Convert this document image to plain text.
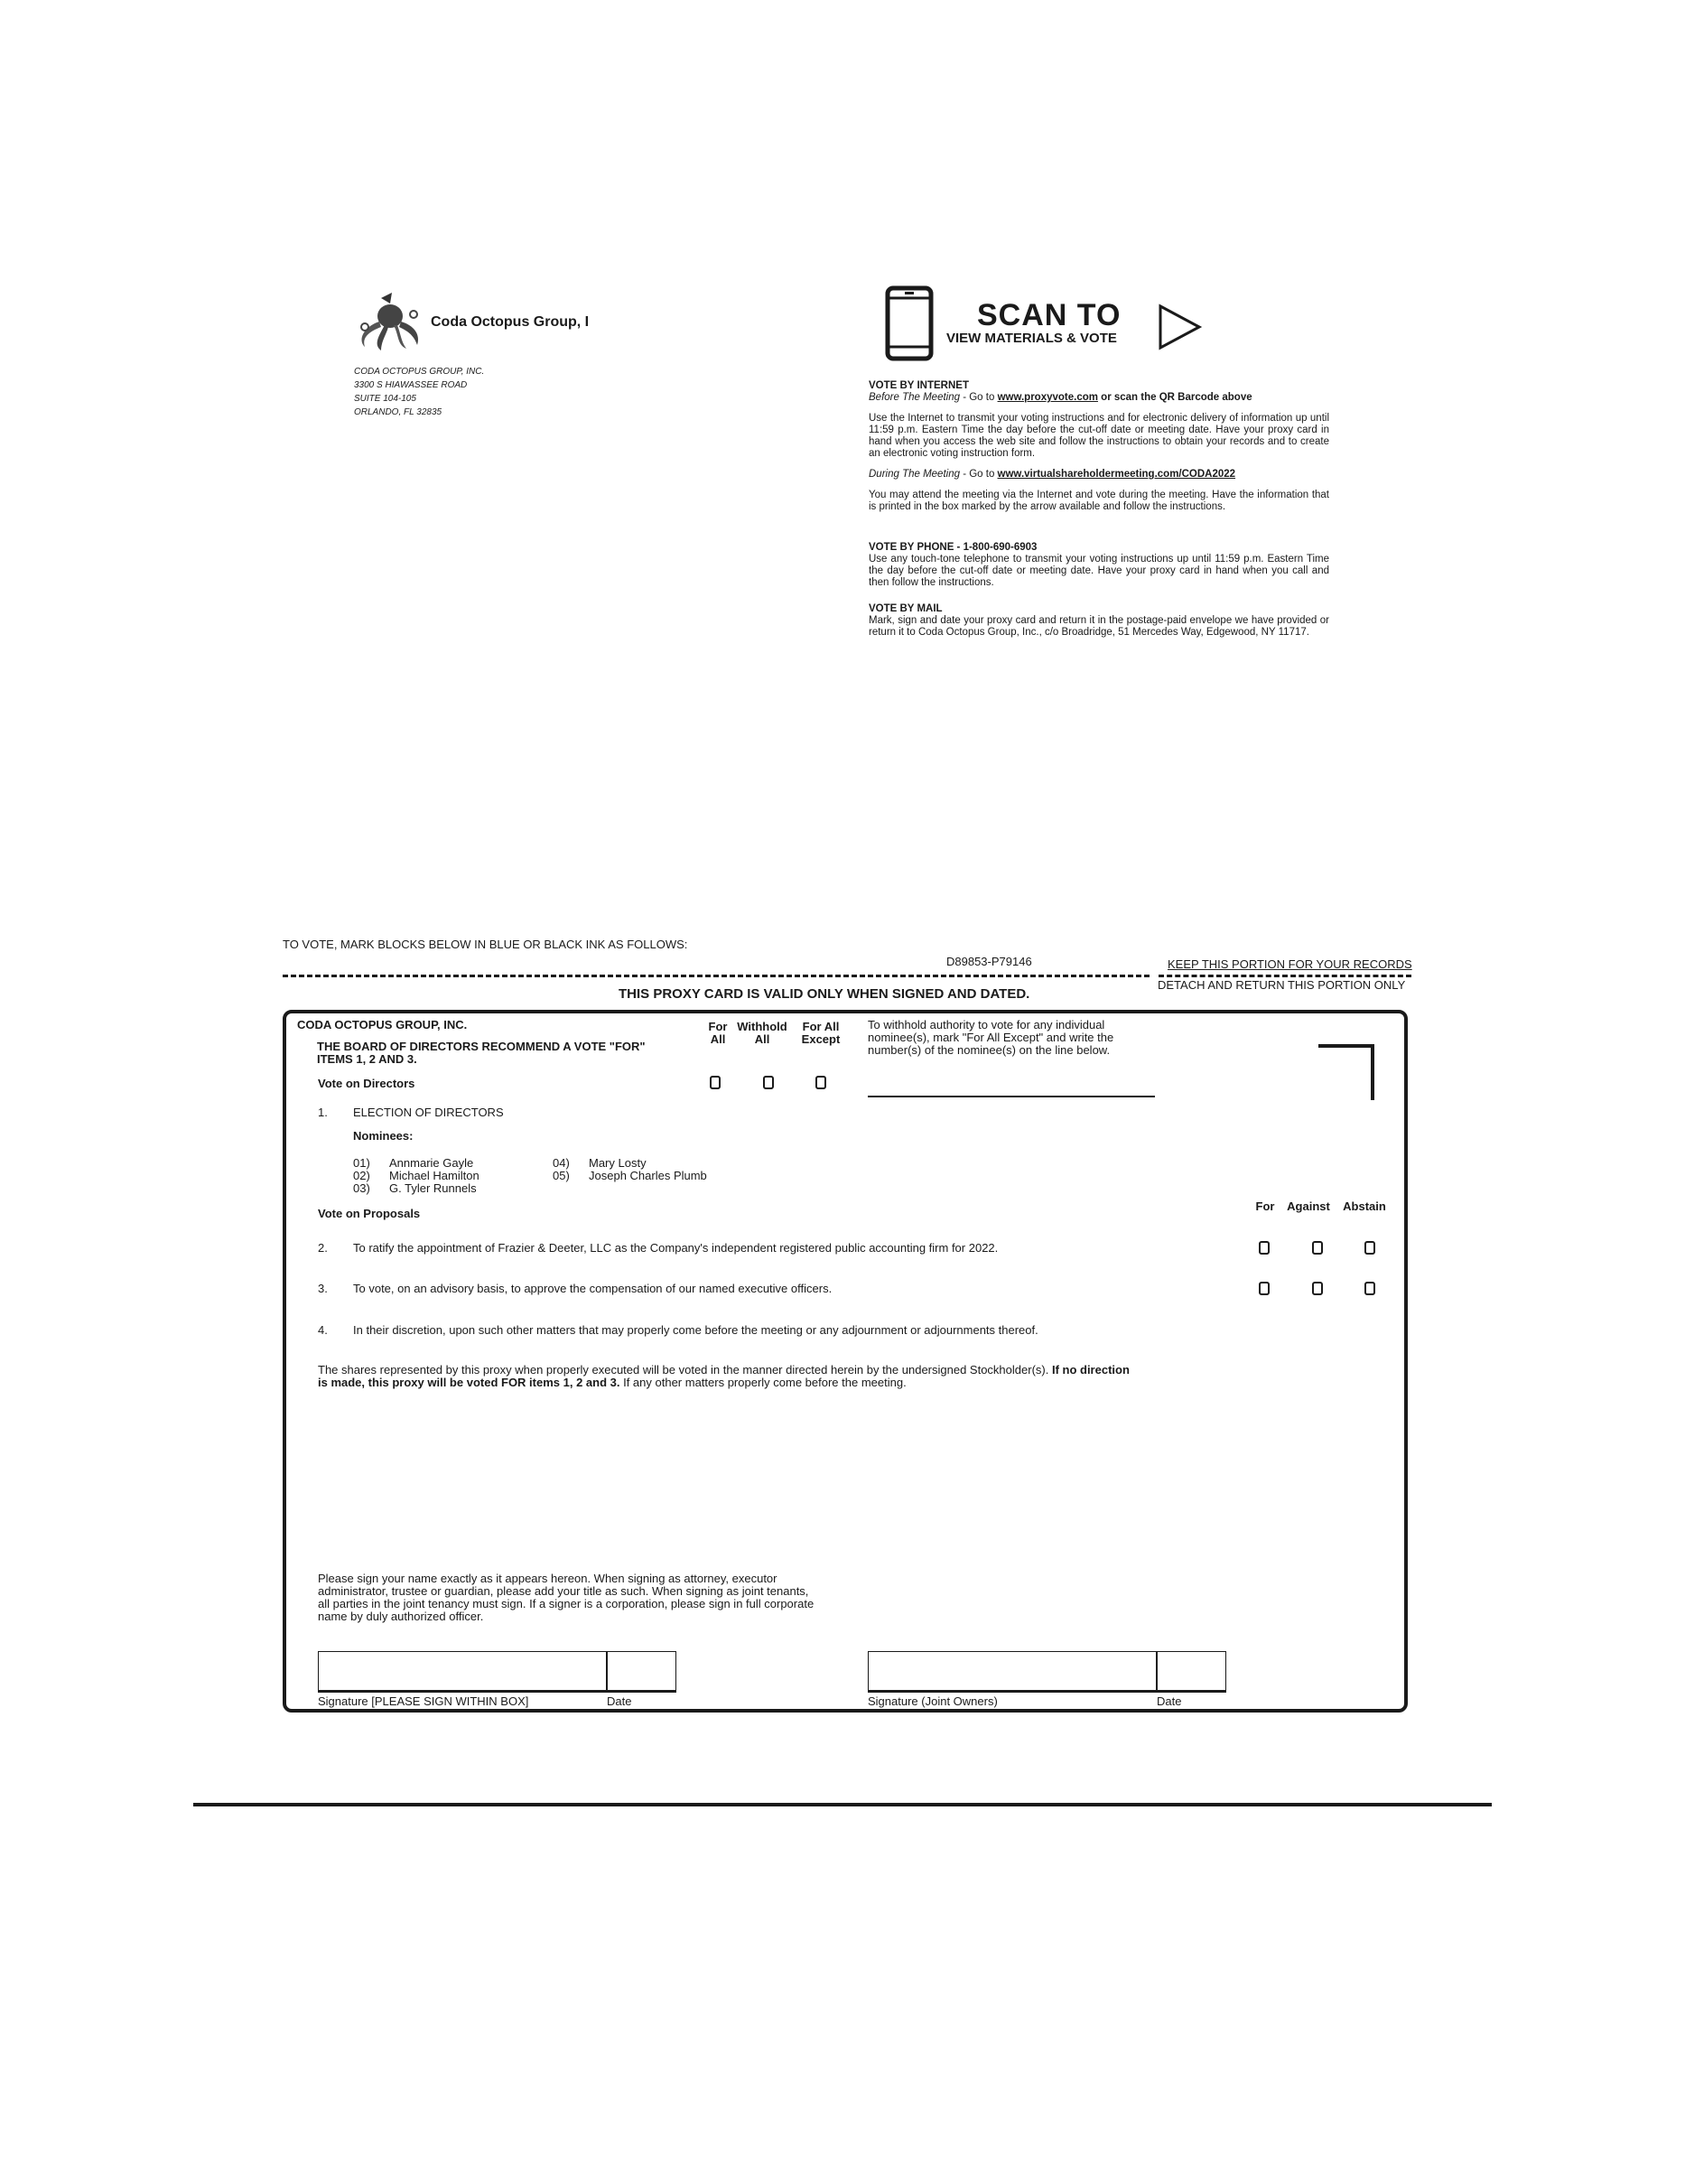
Coda Octopus Group, I
CODA OCTOPUS GROUP, INC.
3300 S HIAWASSEE ROAD
SUITE 104-105
ORLANDO, FL 32835
SCAN TO
VIEW MATERIALS & VOTE
VOTE BY INTERNET
Before The Meeting - Go to www.proxyvote.com or scan the QR Barcode above
Use the Internet to transmit your voting instructions and for electronic delivery of information up until 11:59 p.m. Eastern Time the day before the cut-off date or meeting date. Have your proxy card in hand when you access the web site and follow the instructions to obtain your records and to create an electronic voting instruction form.
During The Meeting - Go to www.virtualshareholdermeeting.com/CODA2022
You may attend the meeting via the Internet and vote during the meeting. Have the information that is printed in the box marked by the arrow available and follow the instructions.
VOTE BY PHONE - 1-800-690-6903
Use any touch-tone telephone to transmit your voting instructions up until 11:59 p.m. Eastern Time the day before the cut-off date or meeting date. Have your proxy card in hand when you call and then follow the instructions.
VOTE BY MAIL
Mark, sign and date your proxy card and return it in the postage-paid envelope we have provided or return it to Coda Octopus Group, Inc., c/o Broadridge, 51 Mercedes Way, Edgewood, NY 11717.
TO VOTE, MARK BLOCKS BELOW IN BLUE OR BLACK INK AS FOLLOWS:
D89853-P79146	KEEP THIS PORTION FOR YOUR RECORDS
DETACH AND RETURN THIS PORTION ONLY
THIS PROXY CARD IS VALID ONLY WHEN SIGNED AND DATED.
CODA OCTOPUS GROUP, INC.
THE BOARD OF DIRECTORS RECOMMEND A VOTE "FOR"
ITEMS 1, 2 AND 3.
For
All
Withhold
All
For All
Except
To withhold authority to vote for any individual
nominee(s), mark "For All Except" and write the
number(s) of the nominee(s) on the line below.
Vote on Directors
1. ELECTION OF DIRECTORS
Nominees:
01) Annmarie Gayle
02) Michael Hamilton
03) G. Tyler Runnels
04) Mary Losty
05) Joseph Charles Plumb
Vote on Proposals
For	Against	Abstain
2. To ratify the appointment of Frazier & Deeter, LLC as the Company's independent registered public accounting firm for 2022.
3. To vote, on an advisory basis, to approve the compensation of our named executive officers.
4. In their discretion, upon such other matters that may properly come before the meeting or any adjournment or adjournments thereof.
The shares represented by this proxy when properly executed will be voted in the manner directed herein by the undersigned Stockholder(s). If no direction
is made, this proxy will be voted FOR items 1, 2 and 3. If any other matters properly come before the meeting.
Please sign your name exactly as it appears hereon. When signing as attorney, executor
administrator, trustee or guardian, please add your title as such. When signing as joint tenants,
all parties in the joint tenancy must sign. If a signer is a corporation, please sign in full corporate
name by duly authorized officer.
Signature [PLEASE SIGN WITHIN BOX]	Date	Signature (Joint Owners)	Date
